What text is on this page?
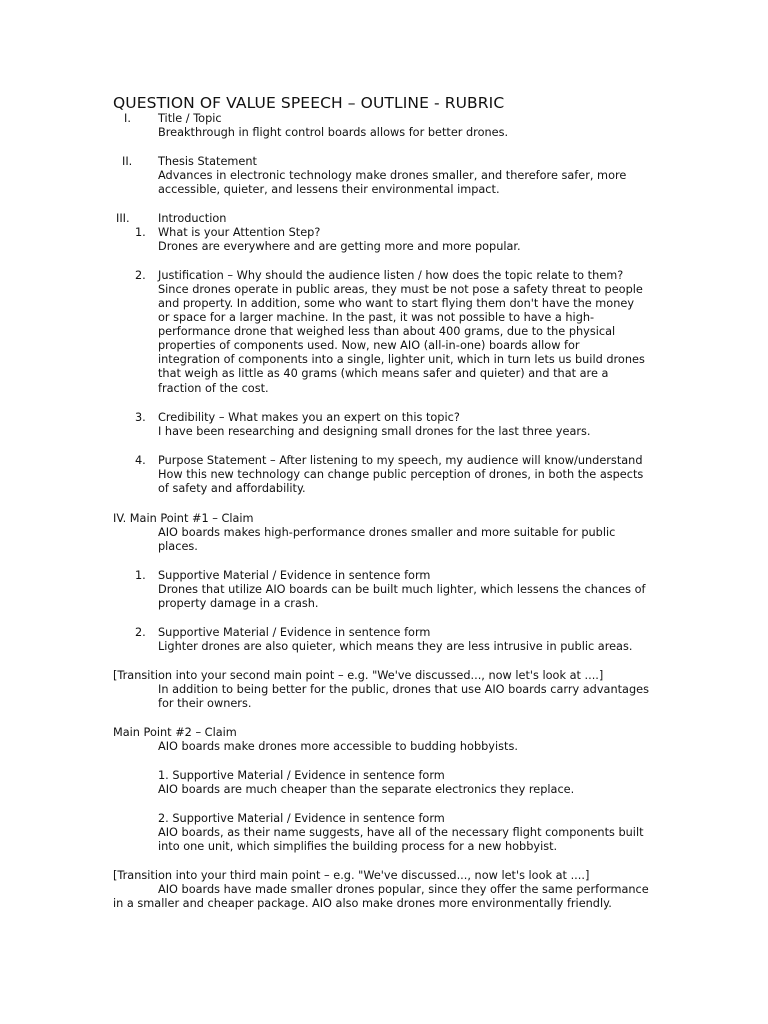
QUESTION OF VALUE SPEECH – OUTLINE - RUBRIC
I. Title / Topic
Breakthrough in flight control boards allows for better drones.
II. Thesis Statement
Advances in electronic technology make drones smaller, and therefore safer, more
accessible, quieter, and lessens their environmental impact.
III.	Introduction
1. What is your Attention Step?
Drones are everywhere and are getting more and more popular.
2. Justification – Why should the audience listen / how does the topic relate to them?
Since drones operate in public areas, they must be not pose a safety threat to people
and property. In addition, some who want to start flying them don't have the money
or space for a larger machine. In the past, it was not possible to have a high-
performance drone that weighed less than about 400 grams, due to the physical
properties of components used. Now, new AIO (all-in-one) boards allow for
integration of components into a single, lighter unit, which in turn lets us build drones
that weigh as little as 40 grams (which means safer and quieter) and that are a
fraction of the cost.
3. Credibility – What makes you an expert on this topic?
I have been researching and designing small drones for the last three years.
4. Purpose Statement – After listening to my speech, my audience will know/understand
How this new technology can change public perception of drones, in both the aspects
of safety and affordability.
IV. Main Point #1 – Claim
AIO boards makes high-performance drones smaller and more suitable for public
places.
1. Supportive Material / Evidence in sentence form
Drones that utilize AIO boards can be built much lighter, which lessens the chances of
property damage in a crash.
2. Supportive Material / Evidence in sentence form
Lighter drones are also quieter, which means they are less intrusive in public areas.
[Transition into your second main point – e.g. "We've discussed..., now let's look at ....]
In addition to being better for the public, drones that use AIO boards carry advantages
for their owners.
Main Point #2 – Claim
AIO boards make drones more accessible to budding hobbyists.
1. Supportive Material / Evidence in sentence form
AIO boards are much cheaper than the separate electronics they replace.
2. Supportive Material / Evidence in sentence form
AIO boards, as their name suggests, have all of the necessary flight components built
into one unit, which simplifies the building process for a new hobbyist.
[Transition into your third main point – e.g. "We've discussed..., now let's look at ....]
AIO boards have made smaller drones popular, since they offer the same performance
in a smaller and cheaper package. AIO also make drones more environmentally friendly.
